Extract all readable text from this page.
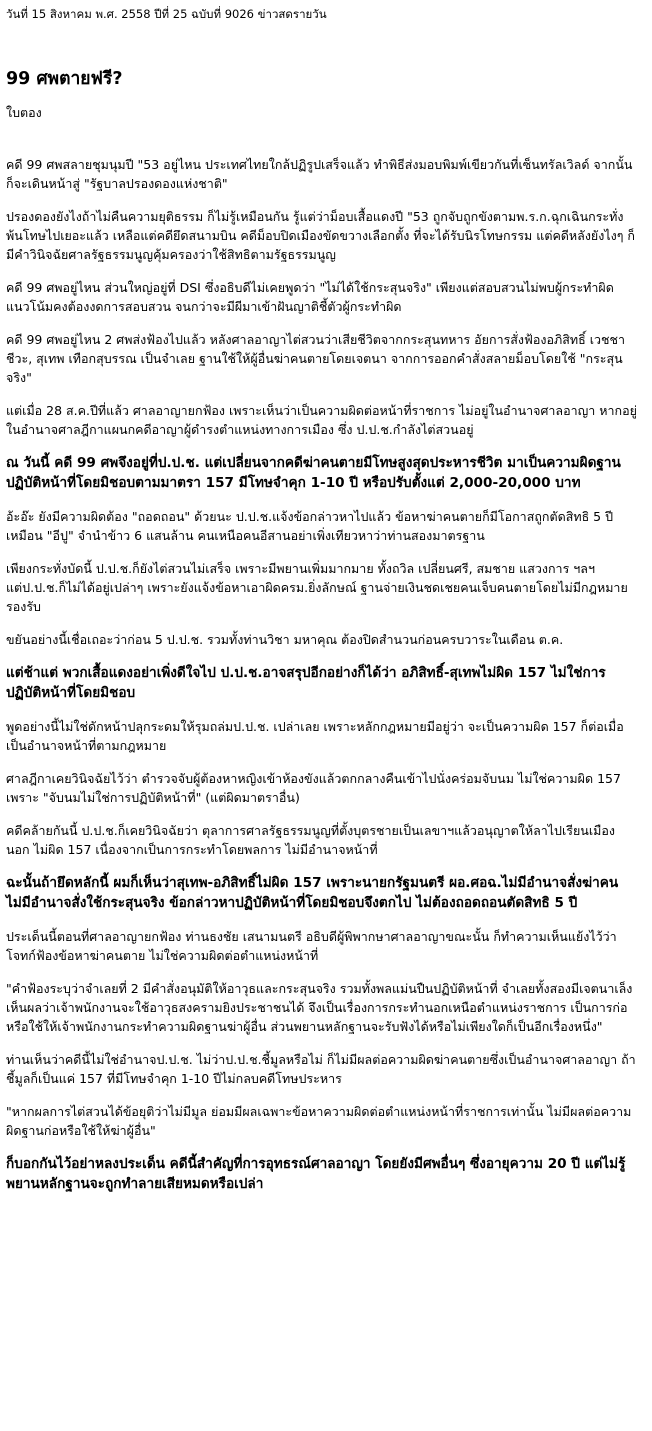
วันที่ 15 สิงหาคม พ.ศ. 2558 ปีที่ 25 ฉบับที่ 9026 ข่าวสดรายวัน
99 ศพตายฟรี?
ใบตอง

คดี 99 ศพสลายชุมนุมปี "53 อยู่ไหน ประเทศไทยใกล้ปฏิรูปเสร็จแล้ว ทำพิธีส่งมอบพิมพ์เขียวกันที่เซ็นทรัลเวิลด์ จากนั้นก็จะเดินหน้าสู่ "รัฐบาลปรองดองแห่งชาติ"

ปรองดองยังไงถ้าไม่คืนความยุติธรรม ก็ไม่รู้เหมือนกัน รู้แต่ว่าม็อบเสื้อแดงปี "53 ถูกจับถูกขังตามพ.ร.ก.ฉุกเฉินกระทั่งพ้นโทษไปเยอะแล้ว เหลือแต่คดียึดสนามบิน คดีม็อบปิดเมืองขัดขวางเลือกตั้ง ที่จะได้รับนิรโทษกรรม แต่คดีหลังยังไงๆ ก็มีคำวินิจฉัยศาลรัฐธรรมนูญคุ้มครองว่าใช้สิทธิตามรัฐธรรมนูญ

คดี 99 ศพอยู่ไหน ส่วนใหญ่อยู่ที่ DSI ซึ่งอธิบดีไม่เคยพูดว่า "ไม่ได้ใช้กระสุนจริง" เพียงแต่สอบสวนไม่พบผู้กระทำผิด แนวโน้มคงต้องงดการสอบสวน จนกว่าจะมีผีมาเข้าฝันญาติชี้ตัวผู้กระทำผิด

คดี 99 ศพอยู่ไหน 2 ศพส่งฟ้องไปแล้ว หลังศาลอาญาไต่สวนว่าเสียชีวิตจากกระสุนทหาร อัยการสั่งฟ้องอภิสิทธิ์ เวชชาชีวะ, สุเทพ เทือกสุบรรณ เป็นจำเลย ฐานใช้ให้ผู้อื่นฆ่าคนตายโดยเจตนา จากการออกคำสั่งสลายม็อบโดยใช้ "กระสุนจริง"

แต่เมื่อ 28 ส.ค.ปีที่แล้ว ศาลอาญายกฟ้อง เพราะเห็นว่าเป็นความผิดต่อหน้าที่ราชการ ไม่อยู่ในอำนาจศาลอาญา หากอยู่ในอำนาจศาลฎีกาแผนกคดีอาญาผู้ดำรงตำแหน่งทางการเมือง ซึ่ง ป.ป.ช.กำลังไต่สวนอยู่

ณ วันนี้ คดี 99 ศพจึงอยู่ที่ป.ป.ช. แต่เปลี่ยนจากคดีฆ่าคนตายมีโทษสูงสุดประหารชีวิต มาเป็นความผิดฐานปฏิบัติหน้าที่โดยมิชอบตามมาตรา 157 มีโทษจำคุก 1-10 ปี หรือปรับตั้งแต่ 2,000-20,000 บาท

อ้ะอ๊ะ ยังมีความผิดต้อง "ถอดถอน" ด้วยนะ ป.ป.ช.แจ้งข้อกล่าวหาไปแล้ว ข้อหาฆ่าคนตายก็มีโอกาสถูกตัดสิทธิ 5 ปีเหมือน "อีปู" จำนำข้าว 6 แสนล้าน คนเหนือคนอีสานอย่าเพิ่งเทียวหาว่าท่านสองมาตรฐาน

เพียงกระทั่งบัดนี้ ป.ป.ช.ก็ยังไต่สวนไม่เสร็จ เพราะมีพยานเพิ่มมากมาย ทั้งถวิล เปลี่ยนศรี, สมชาย แสวงการ ฯลฯ แต่ป.ป.ช.ก็ไม่ได้อยู่เปล่าๆ เพราะยังแจ้งข้อหาเอาผิดครม.ยิ่งลักษณ์ ฐานจ่ายเงินชดเชยคนเจ็บคนตายโดยไม่มีกฎหมายรองรับ

ขยันอย่างนี้เชื่อเถอะว่าก่อน 5 ป.ป.ช. รวมทั้งท่านวิชา มหาคุณ ต้องปิดสำนวนก่อนครบวาระในเดือน ต.ค.

แต่ช้าแต่ พวกเสื้อแดงอย่าเพิ่งดีใจไป ป.ป.ช.อาจสรุปอีกอย่างก็ได้ว่า อภิสิทธิ์-สุเทพไม่ผิด 157 ไม่ใช่การปฏิบัติหน้าที่โดยมิชอบ

พูดอย่างนี้ไม่ใช่ดักหน้าปลุกระดมให้รุมถล่มป.ป.ช. เปล่าเลย เพราะหลักกฎหมายมีอยู่ว่า จะเป็นความผิด 157 ก็ต่อเมื่อเป็นอำนาจหน้าที่ตามกฎหมาย

ศาลฎีกาเคยวินิจฉัยไว้ว่า ตำรวจจับผู้ต้องหาหญิงเข้าห้องขังแล้วตกกลางคืนเข้าไปนั่งคร่อมจับนม ไม่ใช่ความผิด 157 เพราะ "จับนมไม่ใช่การปฏิบัติหน้าที่" (แต่ผิดมาตราอื่น)

คดีคล้ายกันนี้ ป.ป.ช.ก็เคยวินิจฉัยว่า ตุลาการศาลรัฐธรรมนูญที่ตั้งบุตรชายเป็นเลขาฯแล้วอนุญาตให้ลาไปเรียนเมืองนอก ไม่ผิด 157 เนื่องจากเป็นการกระทำโดยพลการ ไม่มีอำนาจหน้าที่

ฉะนั้นถ้ายึดหลักนี้ ผมก็เห็นว่าสุเทพ-อภิสิทธิ์ไม่ผิด 157 เพราะนายกรัฐมนตรี ผอ.ศอฉ.ไม่มีอำนาจสั่งฆ่าคน ไม่มีอำนาจสั่งใช้กระสุนจริง ข้อกล่าวหาปฏิบัติหน้าที่โดยมิชอบจึงตกไป ไม่ต้องถอดถอนตัดสิทธิ 5 ปี

ประเด็นนี้ตอนที่ศาลอาญายกฟ้อง ท่านธงชัย เสนามนตรี อธิบดีผู้พิพากษาศาลอาญาขณะนั้น ก็ทำความเห็นแย้งไว้ว่า โจทก์ฟ้องข้อหาฆ่าคนตาย ไม่ใช่ความผิดต่อตำแหน่งหน้าที่

"คำฟ้องระบุว่าจำเลยที่ 2 มีคำสั่งอนุมัติให้อาวุธและกระสุนจริง รวมทั้งพลแม่นปืนปฏิบัติหน้าที่ จำเลยทั้งสองมีเจตนาเล็งเห็นผลว่าเจ้าพนักงานจะใช้อาวุธสงครามยิงประชาชนได้ จึงเป็นเรื่องการกระทำนอกเหนือตำแหน่งราชการ เป็นการก่อหรือใช้ให้เจ้าพนักงานกระทำความผิดฐานฆ่าผู้อื่น ส่วนพยานหลักฐานจะรับฟังได้หรือไม่เพียงใดก็เป็นอีกเรื่องหนึ่ง"

ท่านเห็นว่าคดีนี้ไม่ใช่อำนาจป.ป.ช. ไม่ว่าป.ป.ช.ชี้มูลหรือไม่ ก็ไม่มีผลต่อความผิดฆ่าคนตายซึ่งเป็นอำนาจศาลอาญา ถ้าชี้มูลก็เป็นแค่ 157 ที่มีโทษจำคุก 1-10 ปีไม่กลบคดีโทษประหาร

"หากผลการไต่สวนได้ข้อยุติว่าไม่มีมูล ย่อมมีผลเฉพาะข้อหาความผิดต่อตำแหน่งหน้าที่ราชการเท่านั้น ไม่มีผลต่อความผิดฐานก่อหรือใช้ให้ฆ่าผู้อื่น"

ก็บอกกันไว้อย่าหลงประเด็น คดีนี้สำคัญที่การอุทธรณ์ศาลอาญา โดยยังมีศพอื่นๆ ซึ่งอายุความ 20 ปี แต่ไม่รู้พยานหลักฐานจะถูกทำลายเสียหมดหรือเปล่า
